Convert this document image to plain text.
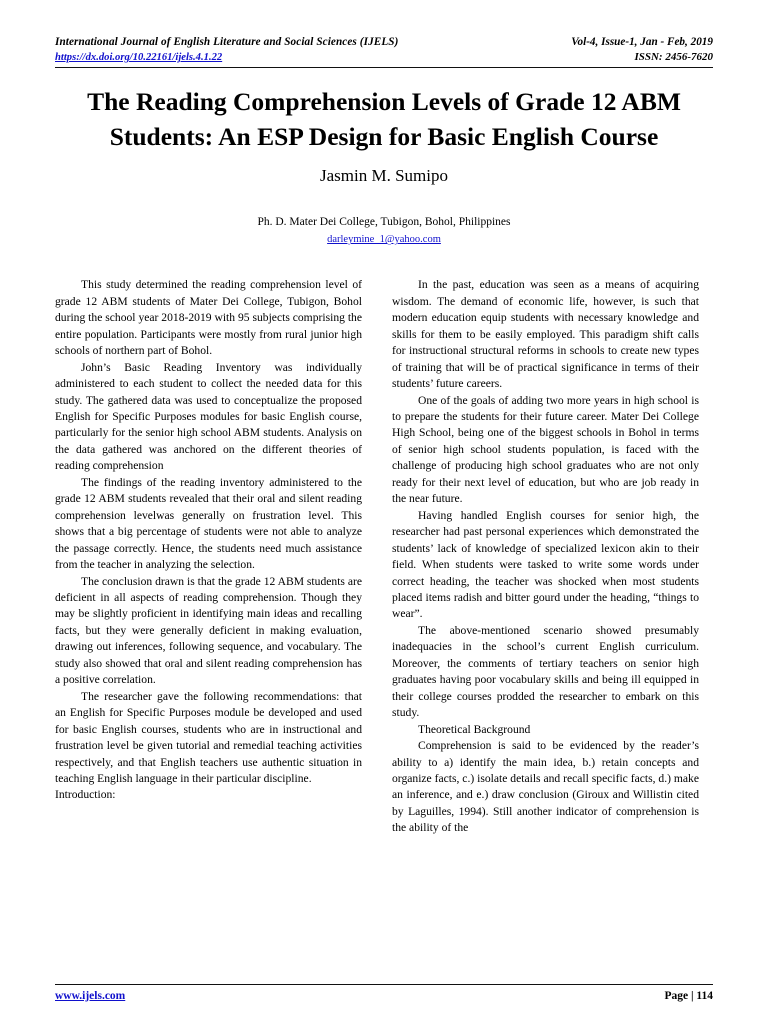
International Journal of English Literature and Social Sciences (IJELS)	Vol-4, Issue-1, Jan - Feb, 2019
https://dx.doi.org/10.22161/ijels.4.1.22	ISSN: 2456-7620
The Reading Comprehension Levels of Grade 12 ABM Students: An ESP Design for Basic English Course
Jasmin M. Sumipo
Ph. D. Mater Dei College, Tubigon, Bohol, Philippines
darleymine_1@yahoo.com

This study determined the reading comprehension level of grade 12 ABM students of Mater Dei College, Tubigon, Bohol during the school year 2018-2019 with 95 subjects comprising the entire population. Participants were mostly from rural junior high schools of northern part of Bohol.

John’s Basic Reading Inventory was individually administered to each student to collect the needed data for this study. The gathered data was used to conceptualize the proposed English for Specific Purposes modules for basic English course, particularly for the senior high school ABM students. Analysis on the data gathered was anchored on the different theories of reading comprehension

The findings of the reading inventory administered to the grade 12 ABM students revealed that their oral and silent reading comprehension levelwas generally on frustration level. This shows that a big percentage of students were not able to analyze the passage correctly. Hence, the students need much assistance from the teacher in analyzing the selection.

The conclusion drawn is that the grade 12 ABM students are deficient in all aspects of reading comprehension. Though they may be slightly proficient in identifying main ideas and recalling facts, but they were generally deficient in making evaluation, drawing out inferences, following sequence, and vocabulary. The study also showed that oral and silent reading comprehension has a positive correlation.

The researcher gave the following recommendations: that an English for Specific Purposes module be developed and used for basic English courses, students who are in instructional and frustration level be given tutorial and remedial teaching activities respectively, and that English teachers use authentic situation in teaching English language in their particular discipline.

Introduction:

In the past, education was seen as a means of acquiring wisdom. The demand of economic life, however, is such that modern education equip students with necessary knowledge and skills for them to be easily employed. This paradigm shift calls for instructional structural reforms in schools to create new types of training that will be of practical significance in terms of their students’ future careers.

One of the goals of adding two more years in high school is to prepare the students for their future career. Mater Dei College High School, being one of the biggest schools in Bohol in terms of senior high school students population, is faced with the challenge of producing high school graduates who are not only ready for their next level of education, but who are job ready in the near future.

Having handled English courses for senior high, the researcher had past personal experiences which demonstrated the students’ lack of knowledge of specialized lexicon akin to their field. When students were tasked to write some words under correct heading, the teacher was shocked when most students placed items radish and bitter gourd under the heading, “things to wear”.

The above-mentioned scenario showed presumably inadequacies in the school’s current English curriculum. Moreover, the comments of tertiary teachers on senior high graduates having poor vocabulary skills and being ill equipped in their college courses prodded the researcher to embark on this study.

Theoretical Background

Comprehension is said to be evidenced by the reader’s ability to a) identify the main idea, b.) retain concepts and organize facts, c.) isolate details and recall specific facts, d.) make an inference, and e.) draw conclusion (Giroux and Willistin cited by Laguilles, 1994). Still another indicator of comprehension is the ability of the

www.ijels.com	Page | 114
